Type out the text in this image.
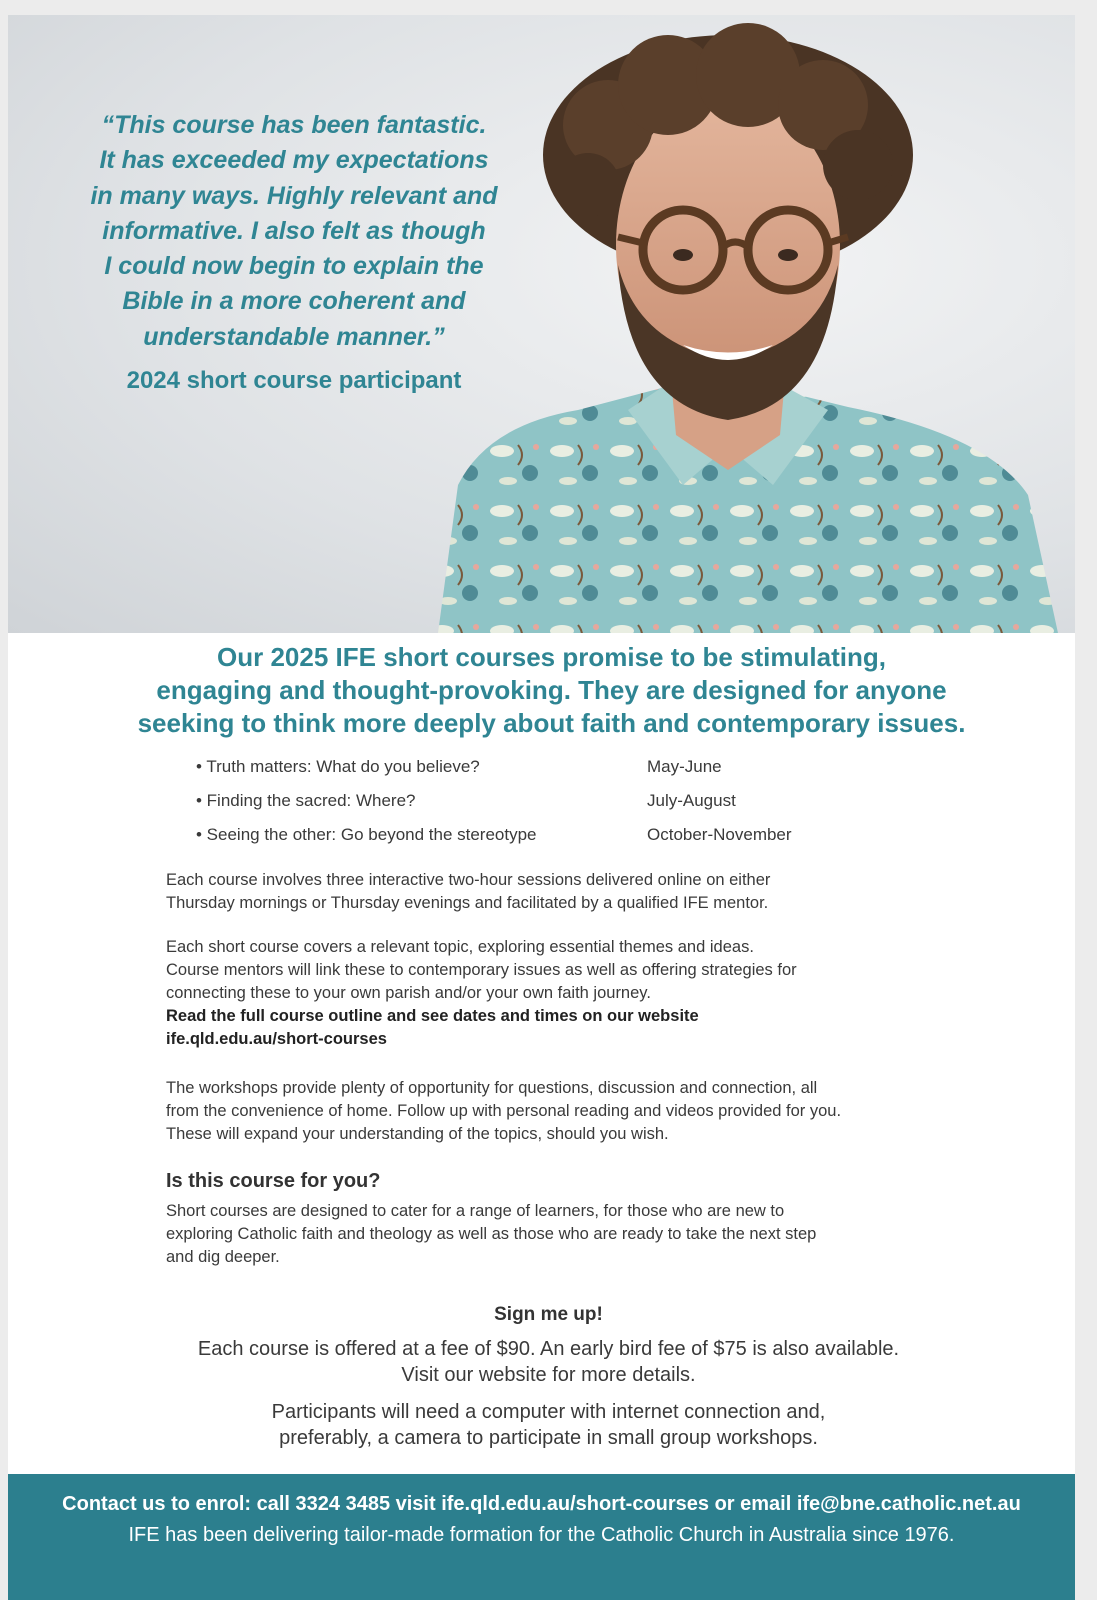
“This course has been fantastic.
It has exceeded my expectations
in many ways. Highly relevant and
informative. I also felt as though
I could now begin to explain the
Bible in a more coherent and
understandable manner.”

2024 short course participant

Our 2025 IFE short courses promise to be stimulating,
engaging and thought-provoking. They are designed for anyone
seeking to think more deeply about faith and contemporary issues.

• Truth matters: What do you believe?	May-June
• Finding the sacred: Where?	July-August
• Seeing the other: Go beyond the stereotype	October-November

Each course involves three interactive two-hour sessions delivered online on either
Thursday mornings or Thursday evenings and facilitated by a qualified IFE mentor.

Each short course covers a relevant topic, exploring essential themes and ideas.
Course mentors will link these to contemporary issues as well as offering strategies for
connecting these to your own parish and/or your own faith journey.
Read the full course outline and see dates and times on our website
ife.qld.edu.au/short-courses

The workshops provide plenty of opportunity for questions, discussion and connection, all
from the convenience of home. Follow up with personal reading and videos provided for you.
These will expand your understanding of the topics, should you wish.

Is this course for you?

Short courses are designed to cater for a range of learners, for those who are new to
exploring Catholic faith and theology as well as those who are ready to take the next step
and dig deeper.

Sign me up!

Each course is offered at a fee of $90. An early bird fee of $75 is also available.
Visit our website for more details.

Participants will need a computer with internet connection and,
preferably, a camera to participate in small group workshops.

Contact us to enrol: call 3324 3485 visit ife.qld.edu.au/short-courses or email ife@bne.catholic.net.au

IFE has been delivering tailor-made formation for the Catholic Church in Australia since 1976.
